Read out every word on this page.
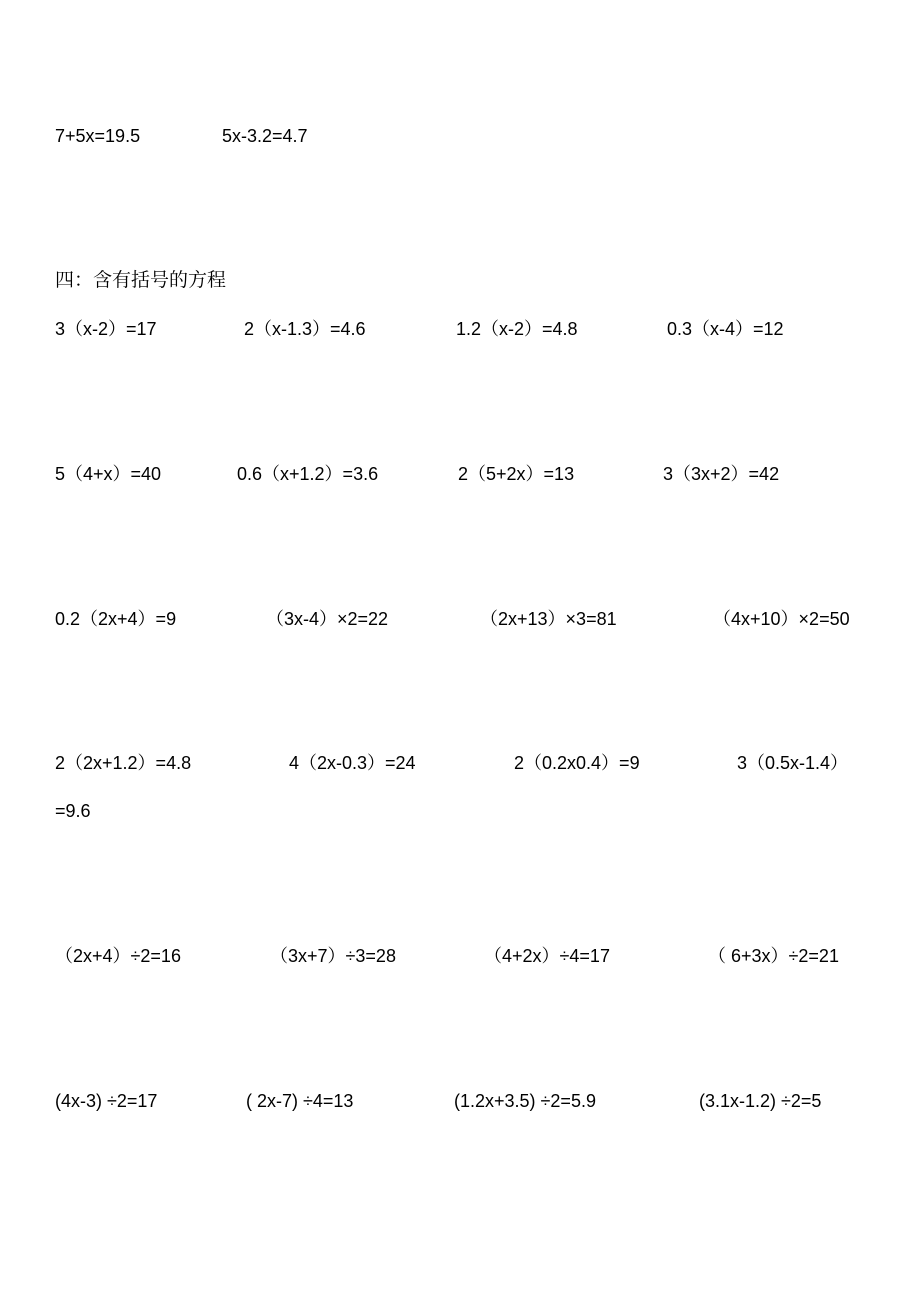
7+5x=19.5	5x-3.2=4.7
四：含有括号的方程
3（x-2）=17	2（x-1.3）=4.6	1.2（x-2）=4.8	0.3（x-4）=12
5（4+x）=40	0.6（x+1.2）=3.6	2（5+2x）=13	3（3x+2）=42
0.2（2x+4）=9	（3x-4）×2=22	（2x+13）×3=81	（4x+10）×2=50
2（2x+1.2）=4.8	4（2x-0.3）=24	2（0.2x0.4）=9	3（0.5x-1.4）
=9.6
（2x+4）÷2=16	（3x+7）÷3=28	（4+2x）÷4=17	（ 6+3x）÷2=21
(4x-3) ÷2=17	( 2x-7) ÷4=13	(1.2x+3.5) ÷2=5.9	(3.1x-1.2) ÷2=5
